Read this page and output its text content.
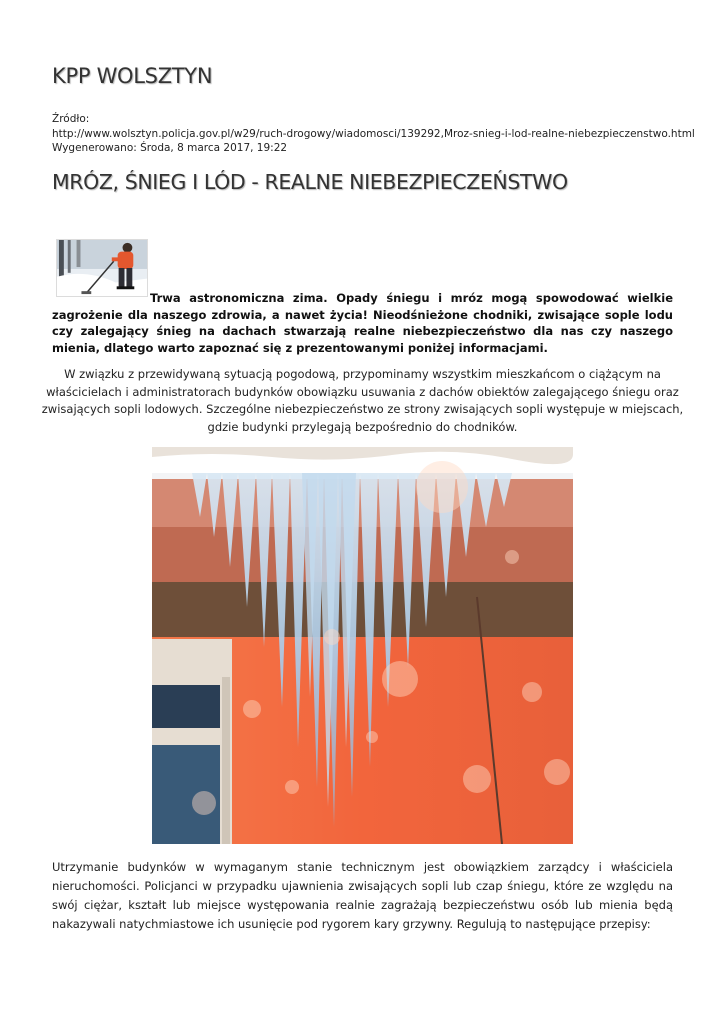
KPP WOLSZTYN
Źródło:
http://www.wolsztyn.policja.gov.pl/w29/ruch-drogowy/wiadomosci/139292,Mroz-snieg-i-lod-realne-niebezpieczenstwo.html
Wygenerowano: Środa, 8 marca 2017, 19:22
MRÓZ, ŚNIEG I LÓD - REALNE NIEBEZPIECZEŃSTWO

Trwa astronomiczna zima. Opady śniegu i mróz mogą spowodować wielkie zagrożenie dla naszego zdrowia, a nawet życia! Nieodśnieżone chodniki, zwisające sople lodu czy zalegający śnieg na dachach stwarzają realne niebezpieczeństwo dla nas czy naszego mienia, dlatego warto zapoznać się z prezentowanymi poniżej informacjami.

W związku z przewidywaną sytuacją pogodową, przypominamy wszystkim mieszkańcom o ciążącym na właścicielach i administratorach budynków obowiązku usuwania z dachów obiektów zalegającego śniegu oraz zwisających sopli lodowych. Szczególne niebezpieczeństwo ze strony zwisających sopli występuje w miejscach, gdzie budynki przylegają bezpośrednio do chodników.

Utrzymanie budynków w wymaganym stanie technicznym jest obowiązkiem zarządcy i właściciela nieruchomości. Policjanci w przypadku ujawnienia zwisających sopli lub czap śniegu, które ze względu na swój ciężar, kształt lub miejsce występowania realnie zagrażają bezpieczeństwu osób lub mienia będą nakazywali natychmiastowe ich usunięcie pod rygorem kary grzywny. Regulują to następujące przepisy:
